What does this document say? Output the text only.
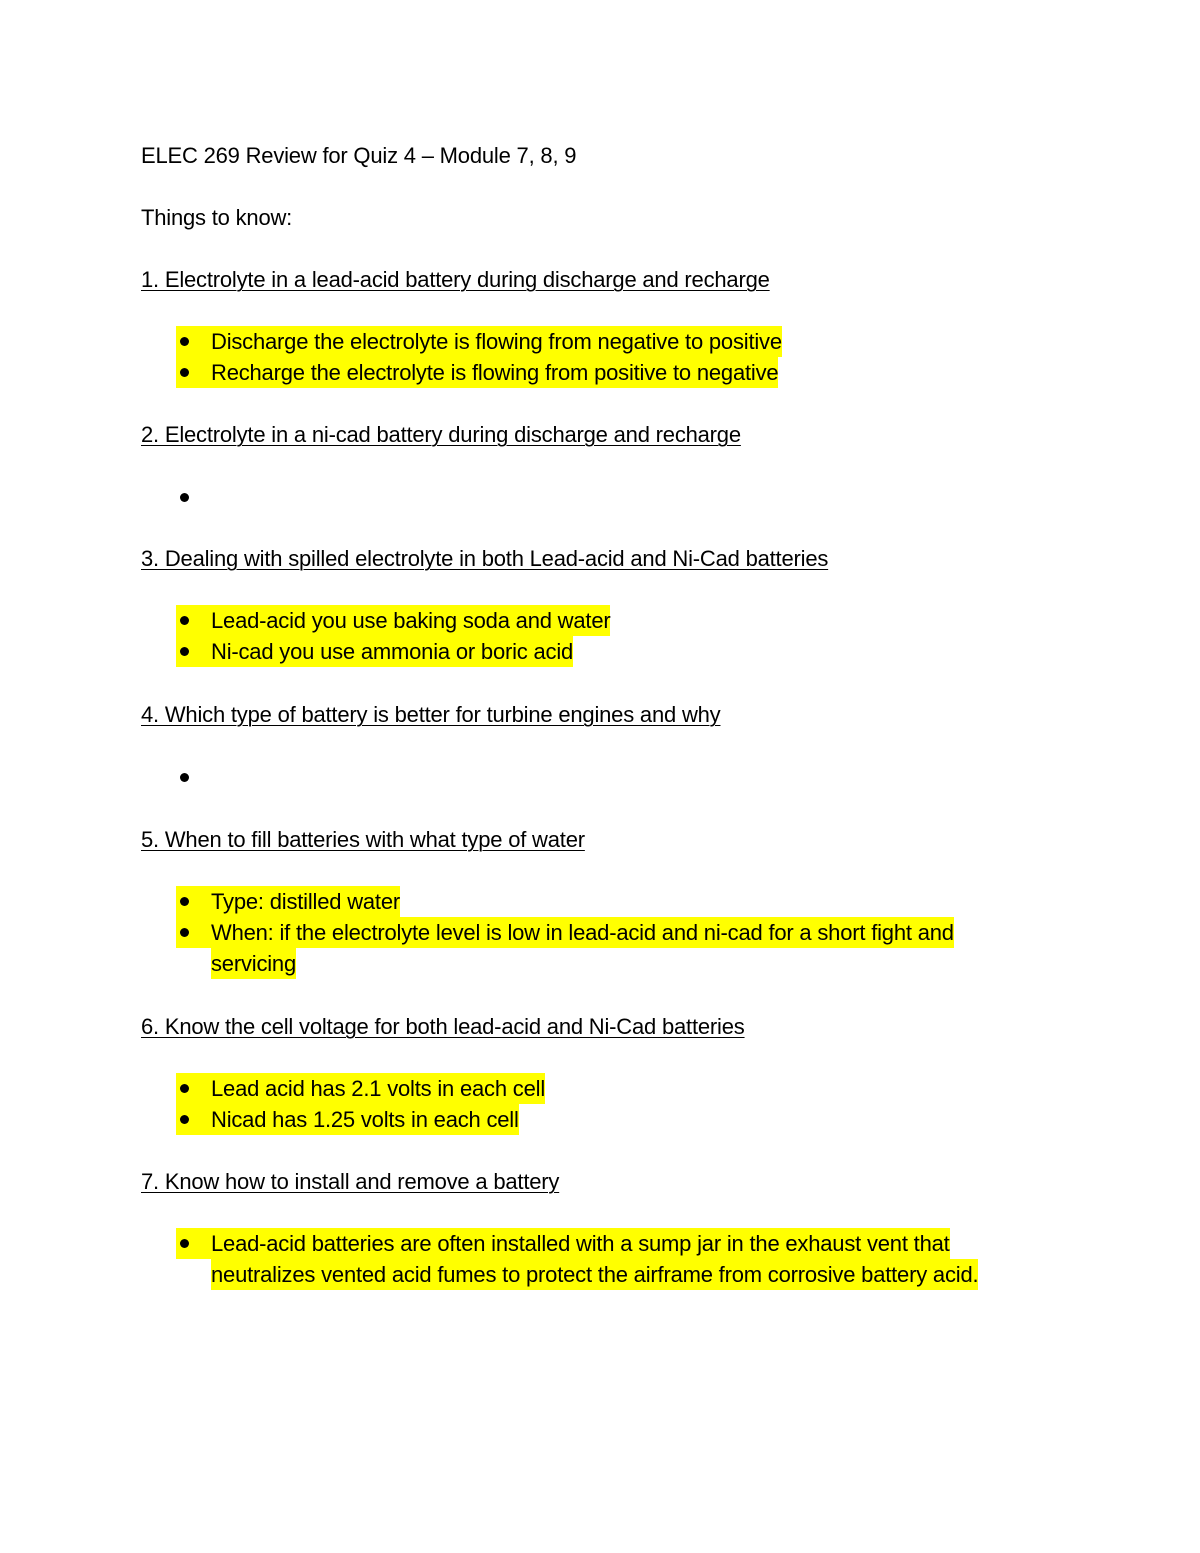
ELEC 269 Review for Quiz 4 – Module 7, 8, 9
Things to know:
1. Electrolyte in a lead-acid battery during discharge and recharge
Discharge the electrolyte is flowing from negative to positive
Recharge the electrolyte is flowing from positive to negative
2. Electrolyte in a ni-cad battery during discharge and recharge
3. Dealing with spilled electrolyte in both Lead-acid and Ni-Cad batteries
Lead-acid you use baking soda and water
Ni-cad you use ammonia or boric acid
4. Which type of battery is better for turbine engines and why
5. When to fill batteries with what type of water
Type: distilled water
When: if the electrolyte level is low in lead-acid and ni-cad for a short fight and
servicing
6. Know the cell voltage for both lead-acid and Ni-Cad batteries
Lead acid has 2.1 volts in each cell
Nicad has 1.25 volts in each cell
7. Know how to install and remove a battery
Lead-acid batteries are often installed with a sump jar in the exhaust vent that
neutralizes vented acid fumes to protect the airframe from corrosive battery acid.
